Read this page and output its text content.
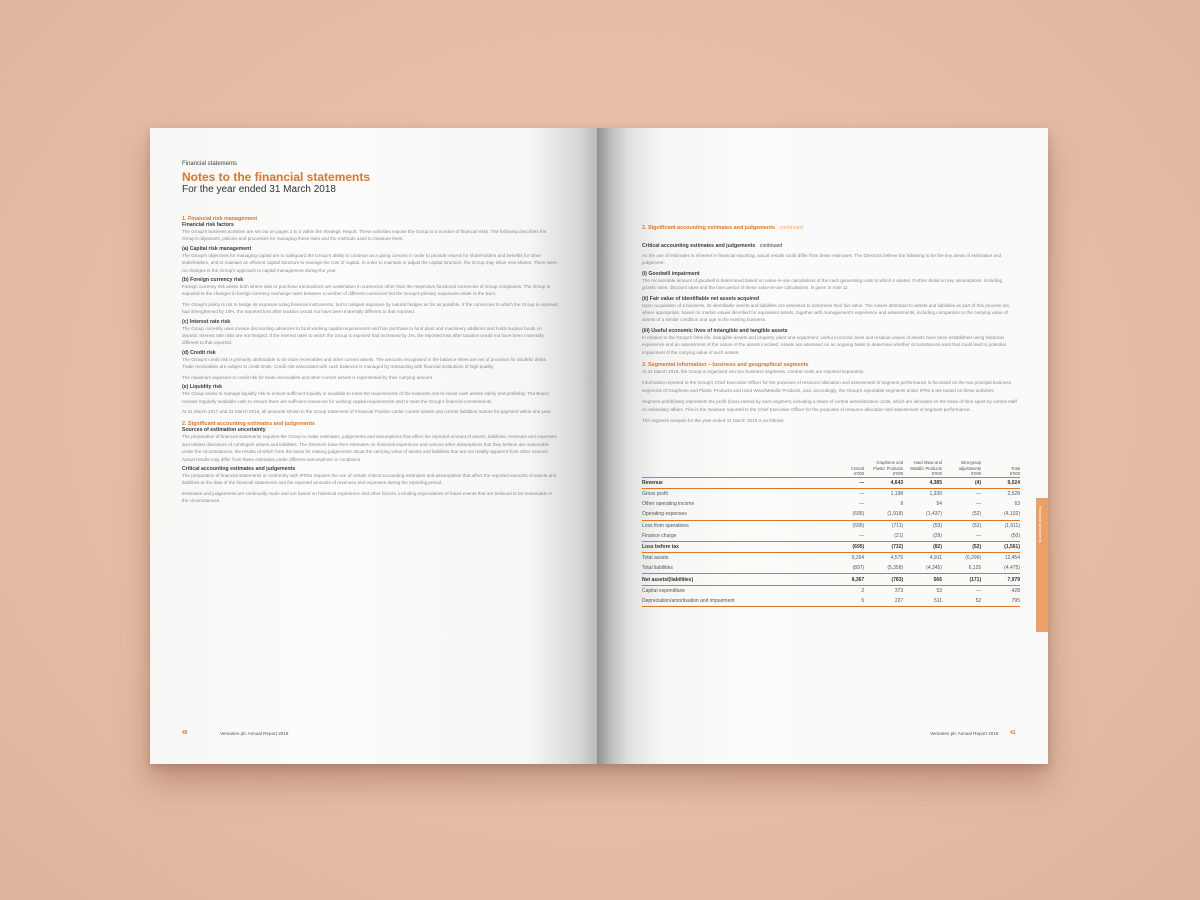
Financial statements
Notes to the financial statements
For the year ended 31 March 2018
1. Financial risk management
Financial risk factors
The Group's business activities are set out on pages 2 to 3 within the Strategic Report. These activities expose the Group to a number of financial risks. The following describes the Group's objectives, policies and processes for managing these risks and the methods used to measure them.
(a) Capital risk management
The Group's objectives for managing capital are to safeguard the Group's ability to continue as a going concern in order to provide returns for shareholders and benefits for other stakeholders, and to maintain an efficient capital structure to manage the cost of capital. In order to maintain or adjust the capital structure, the Group may issue new shares. There were no changes in the Group's approach to capital management during the year.
(b) Foreign currency risk
Foreign currency risk arises both where sale or purchase transactions are undertaken in currencies other than the respective functional currencies of Group companies. The Group is exposed to the changes in foreign currency exchange rates between a number of different currencies but the Group's primary exposures relate to the Euro.
The Group's policy is not to hedge its exposure using financial instruments, but to mitigate exposure by natural hedges as far as possible. If the currencies to which the Group is exposed had strengthened by 10%, the reported loss after taxation would not have been materially different to that reported.
(c) Interest rate risk
The Group currently uses invoice discounting advances to fund working capital requirements and hire purchase to fund plant and machinery additions and holds surplus funds on deposit. Interest rate risks are not hedged. If the interest rates to which the Group is exposed had increased by 1%, the reported loss after taxation would not have been materially different to that reported.
(d) Credit risk
The Group's credit risk is primarily attributable to its trade receivables and other current assets. The amounts recognised in the balance sheet are net of provision for doubtful debts. Trade receivables are subject to credit limits. Credit risk associated with cash balances is managed by transacting with financial institutions of high quality.
The maximum exposure to credit risk for trade receivables and other current assets is represented by their carrying amount.
(e) Liquidity risk
The Group seeks to manage liquidity risk to ensure sufficient liquidity is available to meet the requirements of the business and to invest cash assets safely and profitably. The Board reviews regularly available cash to ensure there are sufficient resources for working capital requirements and to meet the Group's financial commitments.
At 31 March 2017 and 31 March 2018, all amounts shown in the Group Statement of Financial Position under current assets and current liabilities mature for payment within one year.
2. Significant accounting estimates and judgements
Sources of estimation uncertainty
The preparation of financial statements requires the Group to make estimates, judgements and assumptions that affect the reported amount of assets, liabilities, revenues and expenses and related disclosure of contingent assets and liabilities. The Directors base their estimates on historical experience and various other assumptions that they believe are reasonable under the circumstances, the results of which form the basis for making judgements about the carrying value of assets and liabilities that are not readily apparent from other sources. Actual results may differ from these estimates under different assumptions or conditions.
Critical accounting estimates and judgements
The preparation of financial statements in conformity with IFRSs requires the use of certain critical accounting estimates and assumptions that affect the reported amounts of assets and liabilities at the date of the financial statements and the reported amounts of revenues and expenses during the reporting period.
Estimates and judgements are continually made and are based on historical experience and other factors, including expectations of future events that are believed to be reasonable in the circumstances.
40	Versarien plc Annual Report 2018
2. Significant accounting estimates and judgements continued
Critical accounting estimates and judgements continued
As the use of estimates is inherent in financial reporting, actual results could differ from these estimates. The Directors believe the following to be the key areas of estimation and judgement:
(i) Goodwill impairment
The recoverable amount of goodwill is determined based on value-in-use calculations of the cash generating units to which it relates. Further detail on key assumptions, including growth rates, discount rates and the time period of these value-in-use calculations, is given in note 11.
(ii) Fair value of identifiable net assets acquired
Upon acquisition of a business, its identifiable assets and liabilities are assessed to determine their fair value. The values attributed to assets and liabilities as part of this process are, where appropriate, based on market values identified for equivalent assets, together with management's experience and assessments, including comparison to the carrying value of assets of a similar condition and age in the existing business.
(iii) Useful economic lives of intangible and tangible assets
In relation to the Group's finite life, intangible assets and property, plant and equipment, useful economic lives and residual values of assets have been established using historical experience and an assessment of the nature of the assets involved. Assets are assessed on an ongoing basis to determine whether circumstances exist that could lead to potential impairment of the carrying value of such assets.
3. Segmental information – business and geographical segments
At 31 March 2018, the Group is organised into two business segments. Central costs are reported separately.
Information reported to the Group's Chief Executive Officer for the purposes of resource allocation and assessment of segment performance is focussed on the two principal business segments of Graphene and Plastic Products and Hard Wear/Metallic Products, and, accordingly, the Group's reportable segments under IFRS 8 are based on these activities.
Segment profit/(loss) represents the profit (loss) earned by each segment, including a share of central administration costs, which are allocated on the basis of time spent by central staff on subsidiary affairs. This is the measure reported to the Chief Executive Officer for the purposes of resource allocation and assessment of segment performance.
The segment analysis for the year ended 31 March 2018 is as follows:
	Central
€'000	Graphene and Plastic Products
€'000	Hard Wear and Metallic Products
€'000	Intra-group adjustments
€'000	Total
€'000
Revenue	—	4,643	4,385	(4)	9,024
Gross profit	—	1,198	1,330	—	2,528
Other operating income	—	9	54	—	63
Operating expenses	(695)	(1,918)	(1,437)	(52)	(4,102)
Loss from operations	(695)	(711)	(53)	(52)	(1,511)
Finance charge	—	(21)	(29)	—	(50)
Loss before tax	(695)	(732)	(82)	(52)	(1,561)
Total assets	9,264	4,575	4,911	(6,296)	12,454
Total liabilities	(897)	(5,358)	(4,345)	6,125	(4,475)
Net assets/(liabilities)	8,367	(783)	566	(171)	7,979
Capital expenditure	2	373	53	—	428
Depreciation/amortisation and impairment	5	227	511	52	795
Versarien plc Annual Report 2018 41
Financial statements
